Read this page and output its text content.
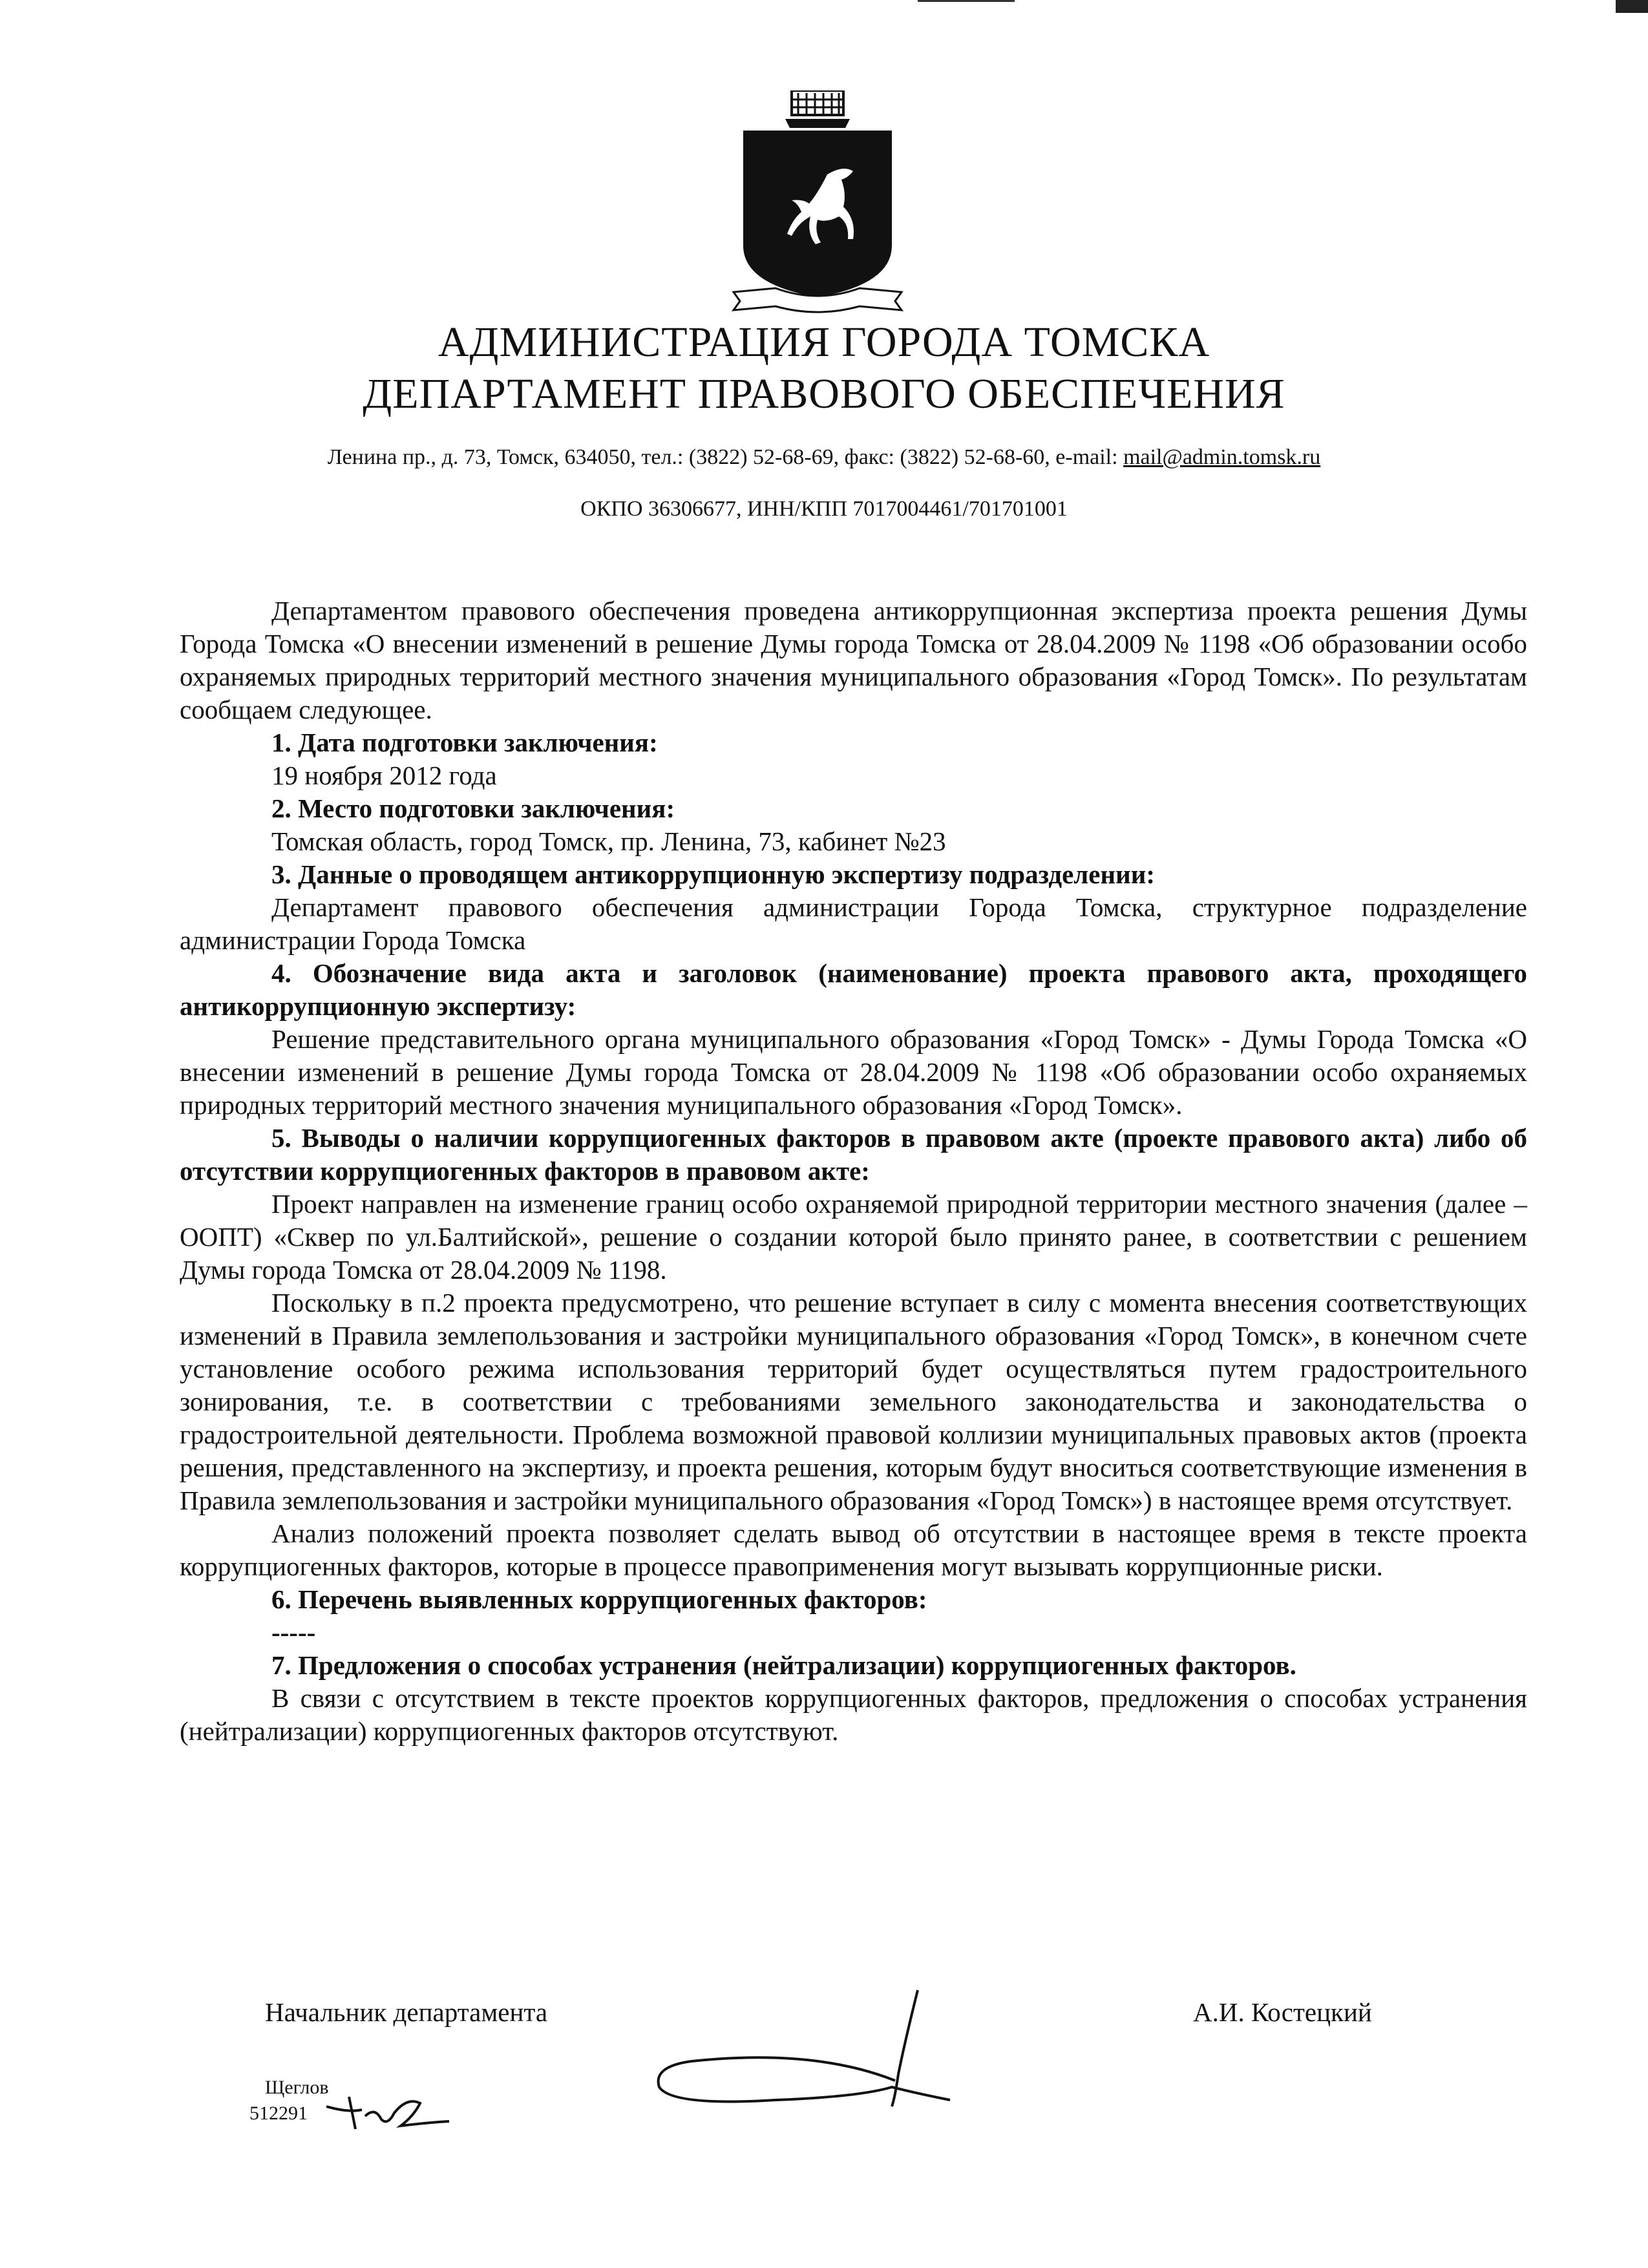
АДМИНИСТРАЦИЯ ГОРОДА ТОМСКА
ДЕПАРТАМЕНТ ПРАВОВОГО ОБЕСПЕЧЕНИЯ
Ленина пр., д. 73, Томск, 634050, тел.: (3822) 52-68-69, факс: (3822) 52-68-60, e-mail: mail@admin.tomsk.ru
ОКПО 36306677, ИНН/КПП 7017004461/701701001

Департаментом правового обеспечения проведена антикоррупционная экспертиза проекта решения Думы Города Томска «О внесении изменений в решение Думы города Томска от 28.04.2009 № 1198 «Об образовании особо охраняемых природных территорий местного значения муниципального образования «Город Томск». По результатам сообщаем следующее.

1. Дата подготовки заключения:

19 ноября 2012 года

2. Место подготовки заключения:

Томская область, город Томск, пр. Ленина, 73, кабинет №23

3. Данные о проводящем антикоррупционную экспертизу подразделении:

Департамент правового обеспечения администрации Города Томска, структурное подразделение администрации Города Томска

4. Обозначение вида акта и заголовок (наименование) проекта правового акта, проходящего антикоррупционную экспертизу:

Решение представительного органа муниципального образования «Город Томск» - Думы Города Томска «О внесении изменений в решение Думы города Томска от 28.04.2009 № 1198 «Об образовании особо охраняемых природных территорий местного значения муниципального образования «Город Томск».

5. Выводы о наличии коррупциогенных факторов в правовом акте (проекте правового акта) либо об отсутствии коррупциогенных факторов в правовом акте:

Проект направлен на изменение границ особо охраняемой природной территории местного значения (далее – ООПТ) «Сквер по ул.Балтийской», решение о создании которой было принято ранее, в соответствии с решением Думы города Томска от 28.04.2009 № 1198.

Поскольку в п.2 проекта предусмотрено, что решение вступает в силу с момента внесения соответствующих изменений в Правила землепользования и застройки муниципального образования «Город Томск», в конечном счете установление особого режима использования территорий будет осуществляться путем градостроительного зонирования, т.е. в соответствии с требованиями земельного законодательства и законодательства о градостроительной деятельности. Проблема возможной правовой коллизии муниципальных правовых актов (проекта решения, представленного на экспертизу, и проекта решения, которым будут вноситься соответствующие изменения в Правила землепользования и застройки муниципального образования «Город Томск») в настоящее время отсутствует.

Анализ положений проекта позволяет сделать вывод об отсутствии в настоящее время в тексте проекта коррупциогенных факторов, которые в процессе правоприменения могут вызывать коррупционные риски.

6. Перечень выявленных коррупциогенных факторов:

-----

7. Предложения о способах устранения (нейтрализации) коррупциогенных факторов.

В связи с отсутствием в тексте проектов коррупциогенных факторов, предложения о способах устранения (нейтрализации) коррупциогенных факторов отсутствуют.

Начальник департамента	А.И. Костецкий
Щеглов
512291
